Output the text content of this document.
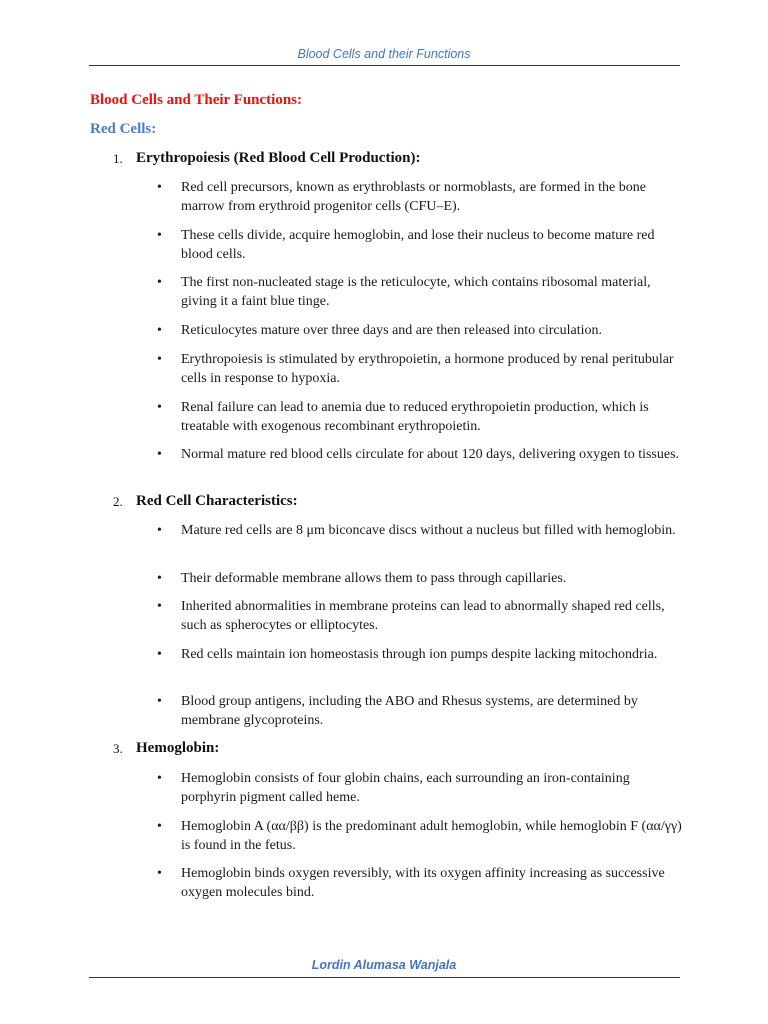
Blood Cells and their Functions
Blood Cells and Their Functions:
Red Cells:
1. Erythropoiesis (Red Blood Cell Production):
• Red cell precursors, known as erythroblasts or normoblasts, are formed in the bone marrow from erythroid progenitor cells (CFU–E).
• These cells divide, acquire hemoglobin, and lose their nucleus to become mature red blood cells.
• The first non-nucleated stage is the reticulocyte, which contains ribosomal material, giving it a faint blue tinge.
• Reticulocytes mature over three days and are then released into circulation.
• Erythropoiesis is stimulated by erythropoietin, a hormone produced by renal peritubular cells in response to hypoxia.
• Renal failure can lead to anemia due to reduced erythropoietin production, which is treatable with exogenous recombinant erythropoietin.
• Normal mature red blood cells circulate for about 120 days, delivering oxygen to tissues.
2. Red Cell Characteristics:
• Mature red cells are 8 μm biconcave discs without a nucleus but filled with hemoglobin.
• Their deformable membrane allows them to pass through capillaries.
• Inherited abnormalities in membrane proteins can lead to abnormally shaped red cells, such as spherocytes or elliptocytes.
• Red cells maintain ion homeostasis through ion pumps despite lacking mitochondria.
• Blood group antigens, including the ABO and Rhesus systems, are determined by membrane glycoproteins.
3. Hemoglobin:
• Hemoglobin consists of four globin chains, each surrounding an iron-containing porphyrin pigment called heme.
• Hemoglobin A (αα/ββ) is the predominant adult hemoglobin, while hemoglobin F (αα/γγ) is found in the fetus.
• Hemoglobin binds oxygen reversibly, with its oxygen affinity increasing as successive oxygen molecules bind.
Lordin Alumasa Wanjala
